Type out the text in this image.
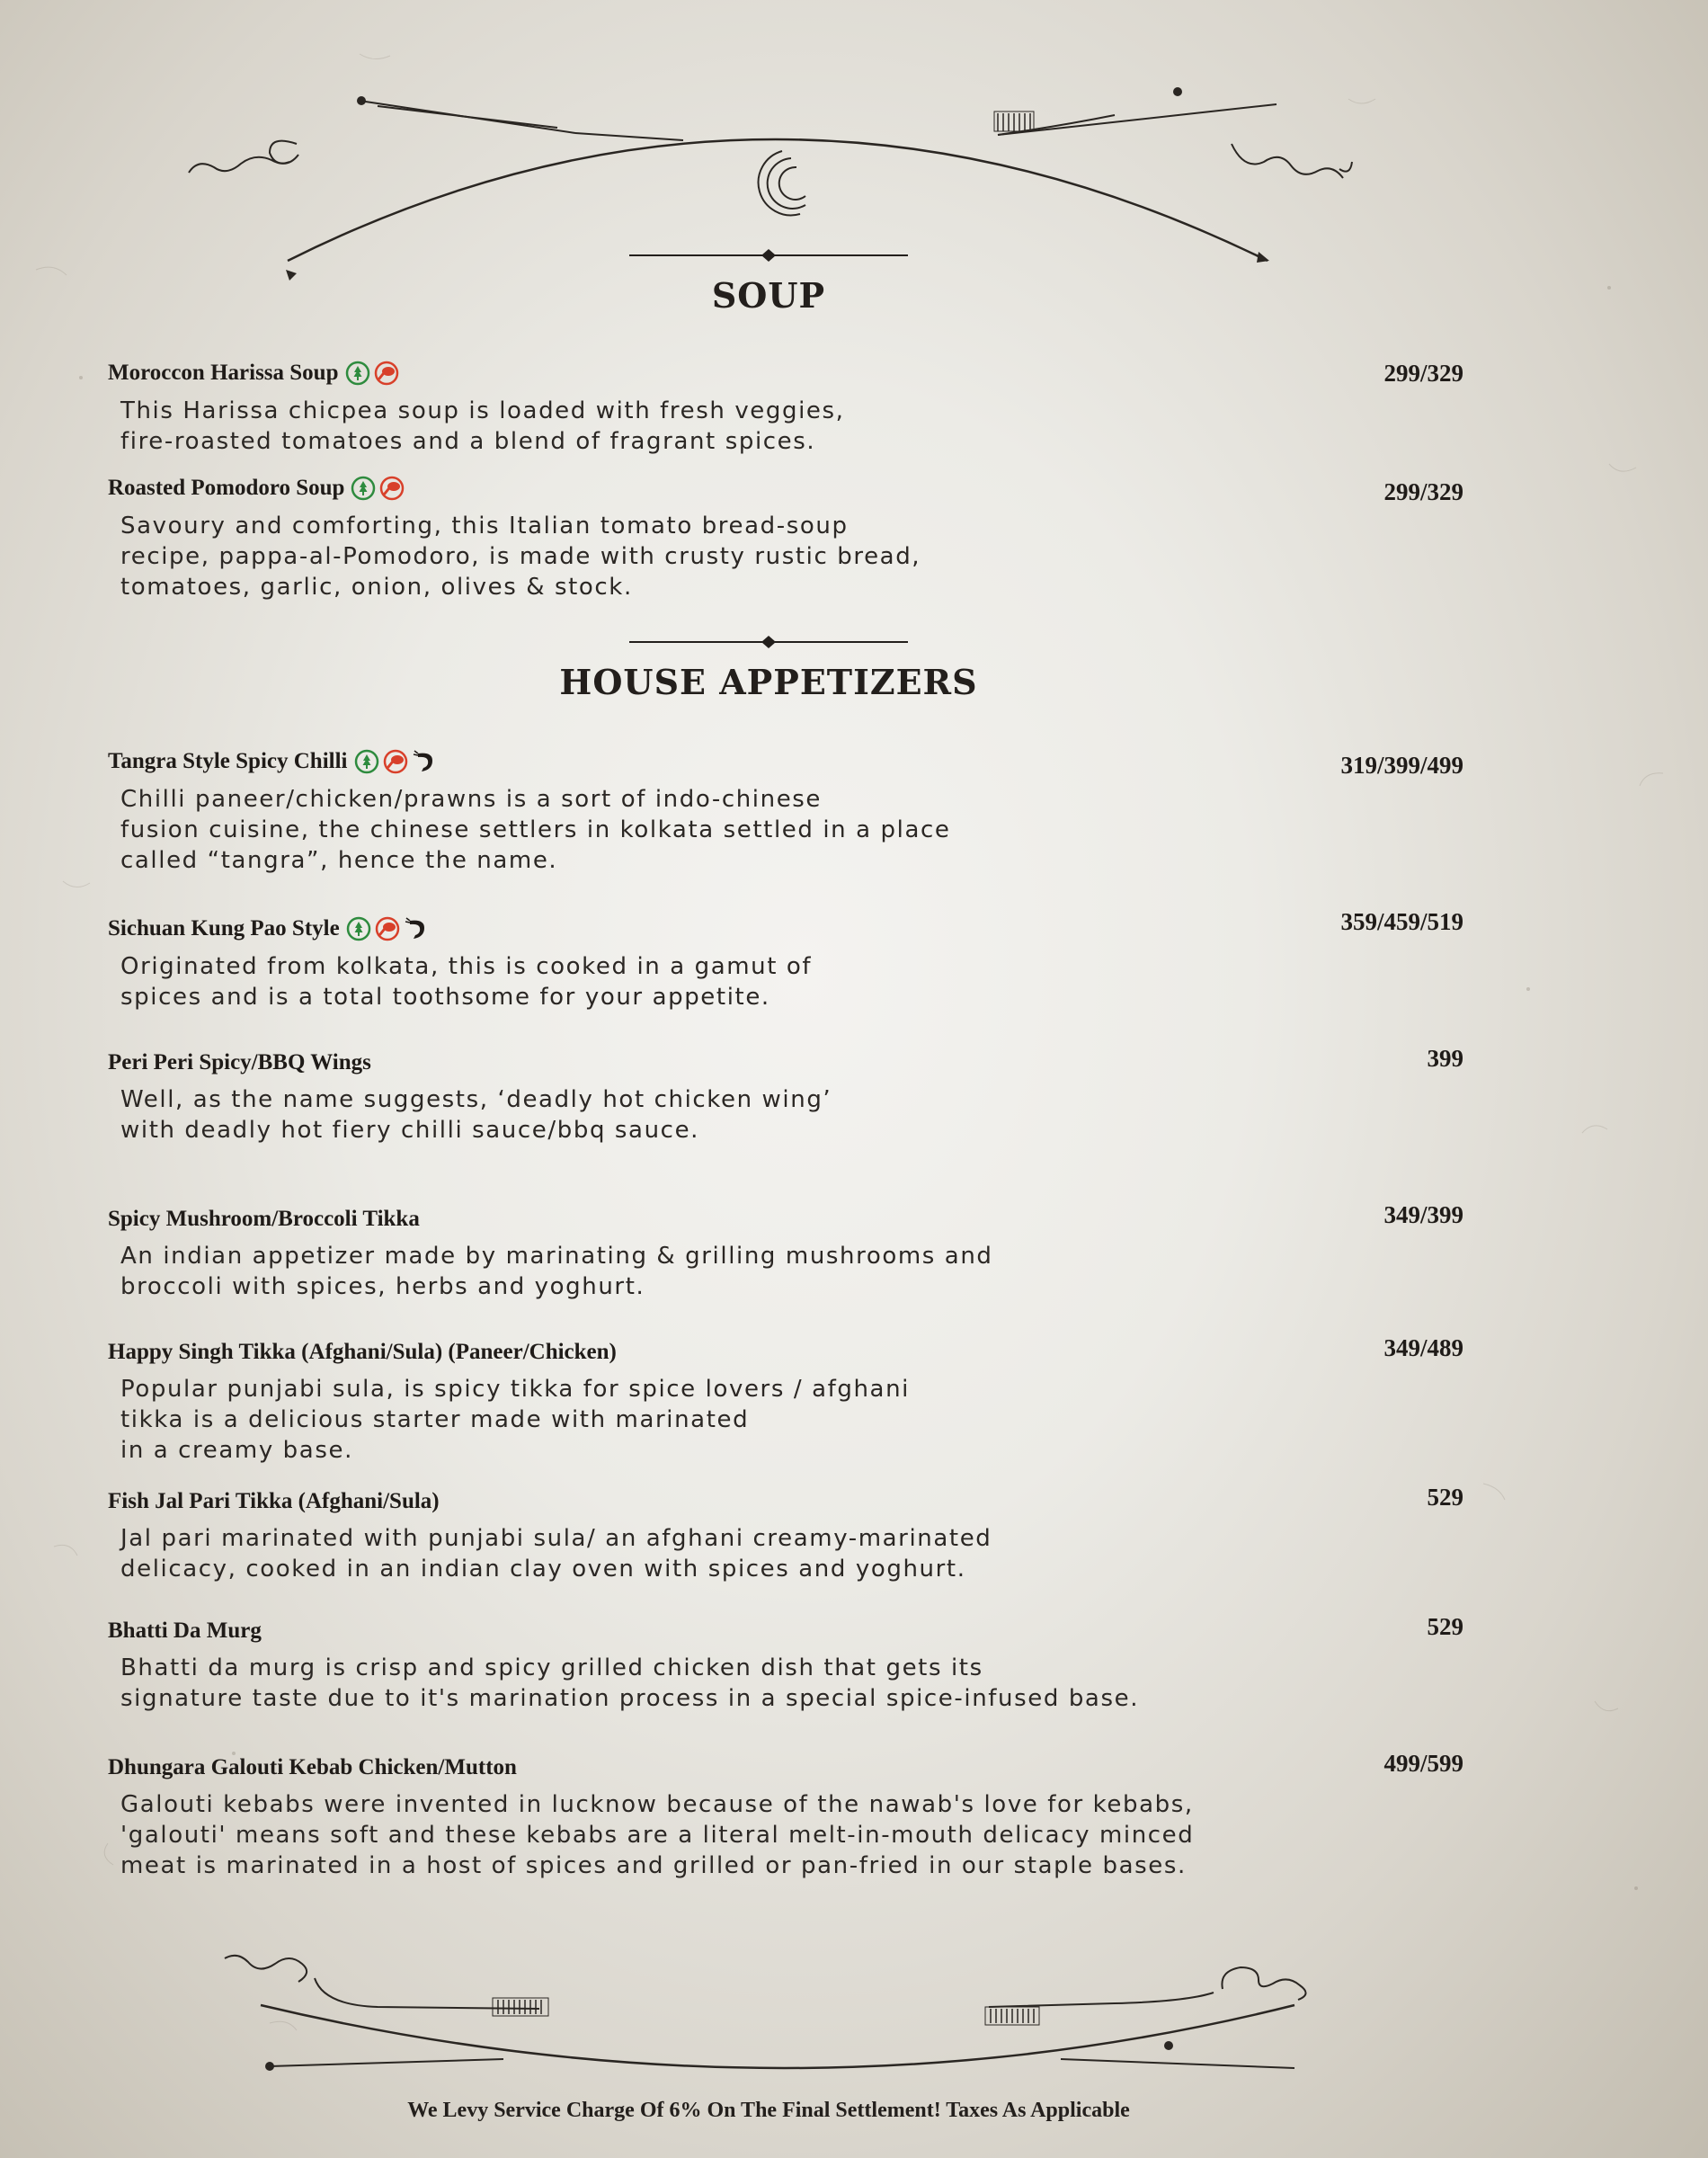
SOUP
HOUSE APPETIZERS
Moroccon Harissa Soup
This Harissa chicpea soup is loaded with fresh veggies,
fire-roasted tomatoes and a blend of fragrant spices.
299/329
Roasted Pomodoro Soup
Savoury and comforting, this Italian tomato bread-soup
recipe, pappa-al-Pomodoro, is made with crusty rustic bread,
tomatoes, garlic, onion, olives & stock.
299/329
Tangra Style Spicy Chilli
Chilli paneer/chicken/prawns is a sort of indo-chinese
fusion cuisine, the chinese settlers in kolkata settled in a place
called “tangra”, hence the name.
319/399/499
Sichuan Kung Pao Style
Originated from kolkata, this is cooked in a gamut of
spices and is a total toothsome for your appetite.
359/459/519
Peri Peri Spicy/BBQ Wings
Well, as the name suggests, ‘deadly hot chicken wing’
with deadly hot fiery chilli sauce/bbq sauce.
399
Spicy Mushroom/Broccoli Tikka
An indian appetizer made by marinating & grilling mushrooms and
broccoli with spices, herbs and yoghurt.
349/399
Happy Singh Tikka (Afghani/Sula) (Paneer/Chicken)
Popular punjabi sula, is spicy tikka for spice lovers / afghani
tikka is a delicious starter made with marinated
in a creamy base.
349/489
Fish Jal Pari Tikka (Afghani/Sula)
Jal pari marinated with punjabi sula/ an afghani creamy-marinated
delicacy, cooked in an indian clay oven with spices and yoghurt.
529
Bhatti Da Murg
Bhatti da murg is crisp and spicy grilled chicken dish that gets its
signature taste due to it's marination process in a special spice-infused base.
529
Dhungara Galouti Kebab Chicken/Mutton
Galouti kebabs were invented in lucknow because of the nawab's love for kebabs,
'galouti' means soft and these kebabs are a literal melt-in-mouth delicacy minced
meat is marinated in a host of spices and grilled or pan-fried in our staple bases.
499/599
We Levy Service Charge Of 6% On The Final Settlement! Taxes As Applicable
